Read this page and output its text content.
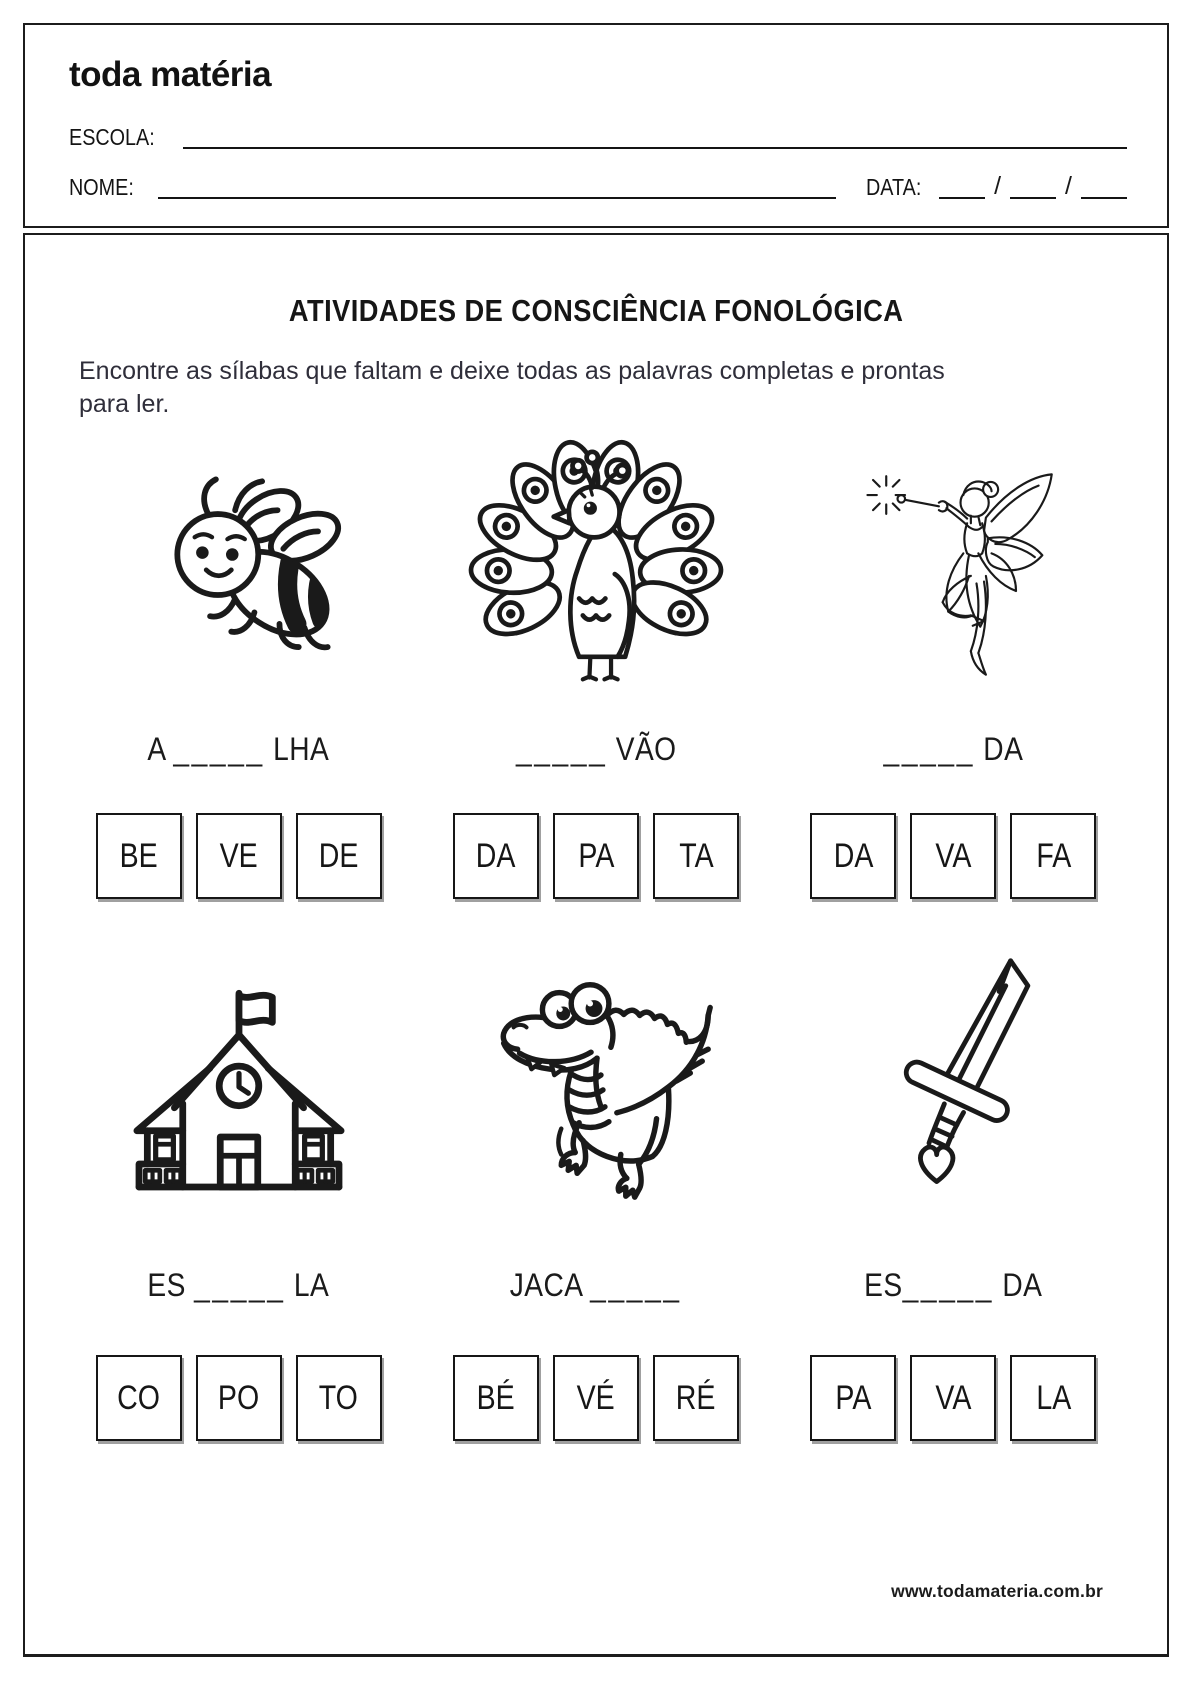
toda matéria
ESCOLA:
NOME:	DATA:	/	/
ATIVIDADES DE CONSCIÊNCIA FONOLÓGICA
Encontre as sílabas que faltam e deixe todas as palavras completas e prontas
para ler.
A _____ LHA
BE VE DE
_____ VÃO
DA PA TA
_____ DA
DA VA FA
ES _____ LA
CO PO TO
JACA _____
BÉ VÉ RÉ
ES_____ DA
PA VA LA
www.todamateria.com.br
